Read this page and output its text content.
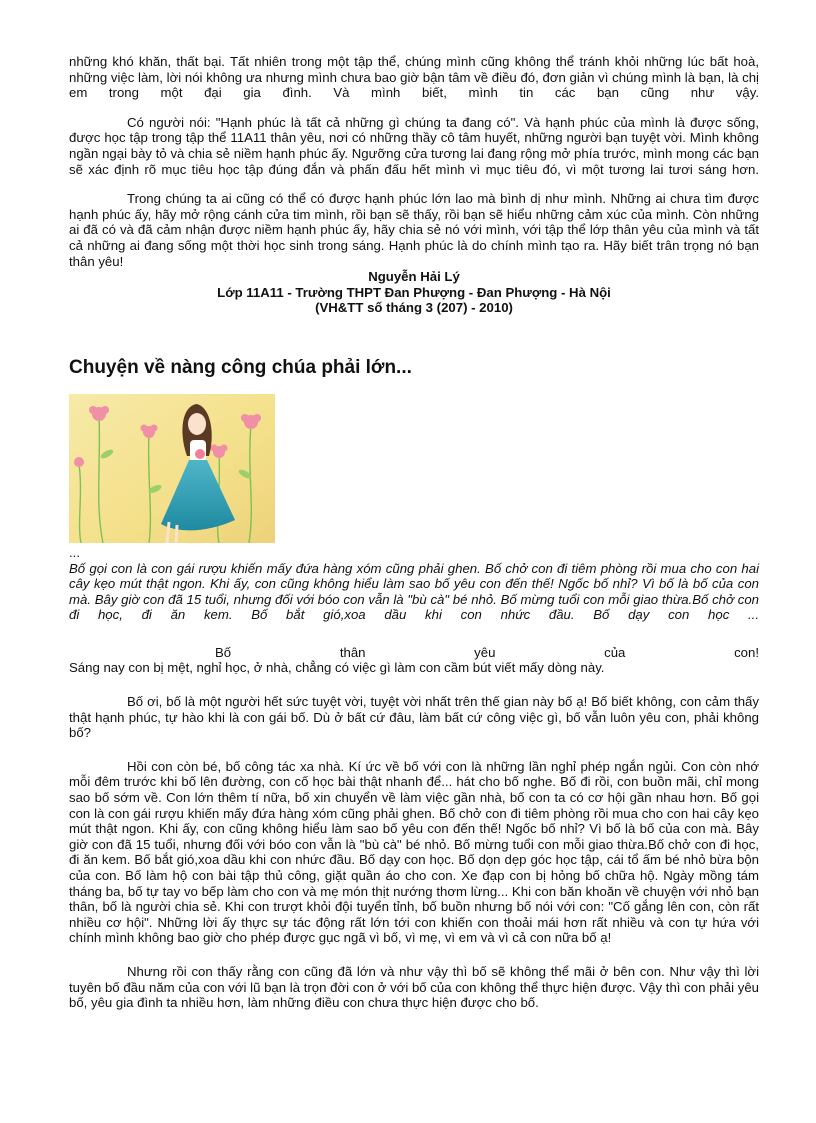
những khó khăn, thất bại. Tất nhiên trong một tập thể, chúng mình cũng không thể tránh khỏi những lúc bất hoà, những việc làm, lời nói không ưa nhưng mình chưa bao giờ bận tâm về điều đó, đơn giản vì chúng mình là bạn, là chị em trong một đại gia đình. Và mình biết, mình tin các bạn cũng như vậy.

Có người nói: "Hạnh phúc là tất cả những gì chúng ta đang có". Và hạnh phúc của mình là được sống, được học tập trong tập thể 11A11 thân yêu, nơi có những thầy cô tâm huyết, những người bạn tuyệt vời. Mình không ngần ngại bày tỏ và chia sẻ niềm hạnh phúc ấy. Ngưỡng cửa tương lai đang rộng mở phía trước, mình mong các bạn sẽ xác định rõ mục tiêu học tập đúng đắn và phấn đấu hết mình vì mục tiêu đó, vì một tương lai tươi sáng hơn.

Trong chúng ta ai cũng có thể có được hạnh phúc lớn lao mà bình dị như mình. Những ai chưa tìm được hạnh phúc ấy, hãy mở rộng cánh cửa tim mình, rồi bạn sẽ thấy, rồi bạn sẽ hiểu những cảm xúc của mình. Còn những ai đã có và đã cảm nhận được niềm hạnh phúc ấy, hãy chia sẻ nó với mình, với tập thể lớp thân yêu của mình và tất cả những ai đang sống một thời học sinh trong sáng. Hạnh phúc là do chính mình tạo ra. Hãy biết trân trọng nó bạn thân yêu!

Nguyễn Hải Lý

Lớp 11A11 - Trường THPT Đan Phượng - Đan Phượng - Hà Nội

(VH&TT số tháng 3 (207) - 2010)

Chuyện về nàng công chúa phải lớn...

...

Bố gọi con là con gái rượu khiến mấy đứa hàng xóm cũng phải ghen. Bố chở con đi tiêm phòng rồi mua cho con hai cây kẹo mút thật ngon. Khi ấy, con cũng không hiểu làm sao bố yêu con đến thế! Ngốc bố nhỉ? Vì bố là bố của con mà. Bây giờ con đã 15 tuổi, nhưng đối với bóo con vẫn là "bù cà" bé nhỏ. Bố mừng tuổi con mỗi giao thừa.Bố chở con đi học, đi ăn kem. Bố bắt gió,xoa dầu khi con nhức đầu. Bố dạy con học ...

Bố thân yêu của con!

Sáng nay con bị mệt, nghỉ học, ở nhà, chẳng có việc gì làm con cầm bút viết mấy dòng này.

Bố ơi, bố là một người hết sức tuyệt vời, tuyệt vời nhất trên thế gian này bố ạ! Bố biết không, con cảm thấy thật hạnh phúc, tự hào khi là con gái bố. Dù ở bất cứ đâu, làm bất cứ công việc gì, bố vẫn luôn yêu con, phải không bố?

Hồi con còn bé, bố công tác xa nhà. Kí ức về bố với con là những lần nghỉ phép ngắn ngủi. Con còn nhớ mỗi đêm trước khi bố lên đường, con cố học bài thật nhanh để... hát cho bố nghe. Bố đi rồi, con buồn mãi, chỉ mong sao bố sớm về. Con lớn thêm tí nữa, bố xin chuyển về làm việc gần nhà, bố con ta có cơ hội gần nhau hơn. Bố gọi con là con gái rượu khiến mấy đứa hàng xóm cũng phải ghen. Bố chở con đi tiêm phòng rồi mua cho con hai cây kẹo mút thật ngon. Khi ấy, con cũng không hiểu làm sao bố yêu con đến thế! Ngốc bố nhỉ? Vì bố là bố của con mà. Bây giờ con đã 15 tuổi, nhưng đối với bóo con vẫn là "bù cà" bé nhỏ. Bố mừng tuổi con mỗi giao thừa.Bố chở con đi học, đi ăn kem. Bố bắt gió,xoa dầu khi con nhức đầu. Bố dạy con học. Bố dọn dẹp góc học tập, cái tổ ấm bé nhỏ bừa bộn của con. Bố làm hộ con bài tập thủ công, giặt quần áo cho con. Xe đạp con bị hỏng bố chữa hộ. Ngày mồng tám tháng ba, bố tự tay vo bếp làm cho con và mẹ món thịt nướng thơm lừng... Khi con băn khoăn về chuyện với nhỏ bạn thân, bố là người chia sẻ. Khi con trượt khỏi đội tuyển tỉnh, bố buồn nhưng bố nói với con: "Cố gắng lên con, còn rất nhiều cơ hội". Những lời ấy thực sự tác động rất lớn tới con khiến con thoải mái hơn rất nhiều và con tự hứa với chính mình không bao giờ cho phép được gục ngã vì bố, vì mẹ, vì em và vì cả con nữa bố ạ!

Nhưng rồi con thấy rằng con cũng đã lớn và như vậy thì bố sẽ không thể mãi ở bên con. Như vậy thì lời tuyên bố đầu năm của con với lũ bạn là trọn đời con ở với bố của con không thể thực hiện được. Vậy thì con phải yêu bố, yêu gia đình ta nhiều hơn, làm những điều con chưa thực hiện được cho bố.
